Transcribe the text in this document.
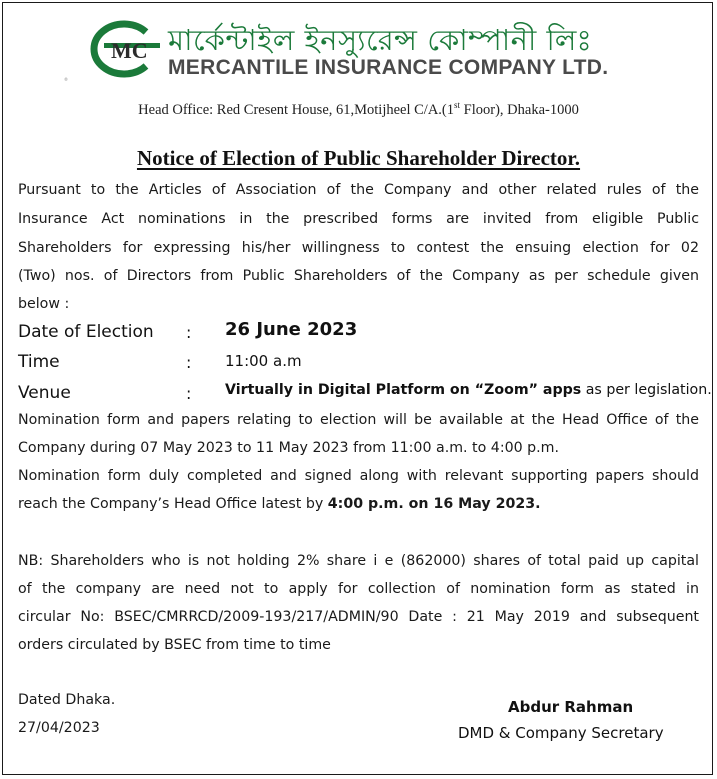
MC
®
মার্কেন্টাইল ইনস্যুরেন্স কোম্পানী লিঃ
MERCANTILE INSURANCE COMPANY LTD.
Head Office: Red Cresent House, 61,Motijheel C/A.(1st Floor), Dhaka-1000
Notice of Election of Public Shareholder Director.
Pursuant to the Articles of Association of the Company and other related rules of the
Insurance Act nominations in the prescribed forms are invited from eligible Public
Shareholders for expressing his/her willingness to contest the ensuing election for 02
(Two) nos. of Directors from Public Shareholders of the Company as per schedule given
below :
Date of Election : 26 June 2023
Time	: 11:00 a.m
Venue	: Virtually in Digital Platform on “Zoom” apps as per legislation.
Nomination form and papers relating to election will be available at the Head Office of the
Company during 07 May 2023 to 11 May 2023 from 11:00 a.m. to 4:00 p.m.
Nomination form duly completed and signed along with relevant supporting papers should
reach the Company’s Head Office latest by 4:00 p.m. on 16 May 2023.
NB: Shareholders who is not holding 2% share i e (862000) shares of total paid up capital
of the company are need not to apply for collection of nomination form as stated in
circular No: BSEC/CMRRCD/2009-193/217/ADMIN/90 Date : 21 May 2019 and subsequent
orders circulated by BSEC from time to time
Dated Dhaka.
27/04/2023
Abdur Rahman
DMD & Company Secretary
